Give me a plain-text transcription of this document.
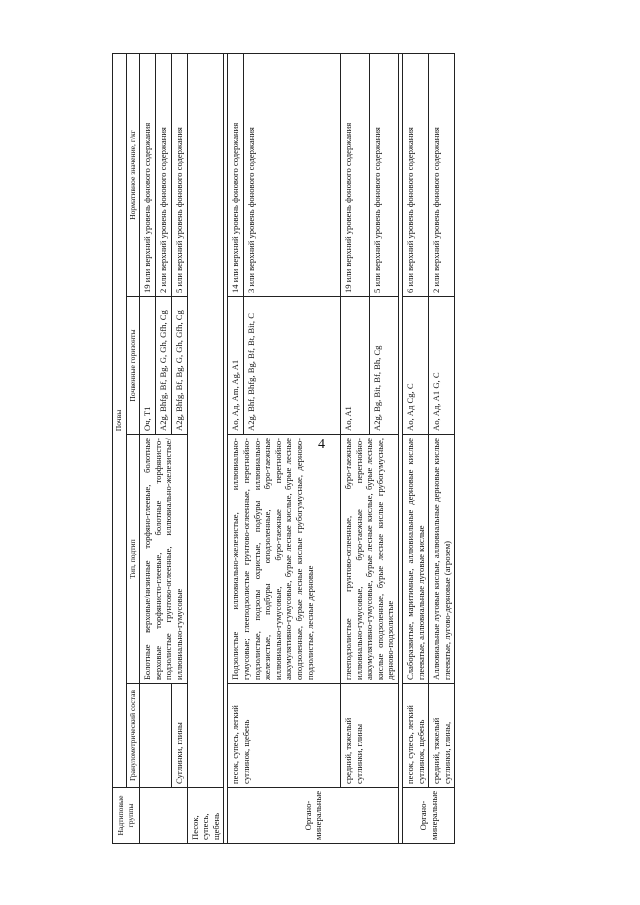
4
Надтиповые группы	Почвы			
	Гранулометрический состав	Тип, подтип	Почвенные горизонты	Нормативное значение, г/кг
		Болотные верховые/низинные торфяно-глеевые, болотные верховые торфянисто-глеевые, болотные торфянисто-подзолистые грунтово-оглеенные, иллювиально-железистые/иллювиально-гумусовые	Оч, Т1	19 или верхний уровень фонового содержания
			A2g, Bhfg, Bf, Bg, G, Gh, Gfh, Cg	2 или верхний уровень фонового содержания
	Суглинки, глины		A2g, Bhfg, Bf, Bg, G, Gh, Gfh, Cg	5 или верхний уровень фонового содержания
Песок, супесь, щебень				

Органо-минеральные	песок, супесь, легкий суглинок, щебень	Подзолистые иллювиально-железистые, иллювиально-гумусовые; глееподзолистые грунтово-оглеенные, перегнойно-подзолистые, подзолы охристые, подбуры иллювиально-железистые, подбуры оподзоленные, буро-таежные иллювиально-гумусовые, буро-таежные перегнойно-аккумулятивно-гумусовые, бурые лесные кислые, бурые лесные оподзоленные, бурые лесные кислые грубогумусные, дерново-подзолистые, лесные дерновые	Ao, Ад, Am, Ag, A1	14 или верхний уровень фонового содержания
			A2g, Bhf, Bhfg, Bg, Bf, Bt, Bit, C	3 или верхний уровень фонового содержания
	средний, тяжелый суглинки, глины	глееподзолистые грунтово-оглеенные, буро-таежные иллювиально-гумусовые, буро-таежные перегнойно-аккумулятивно-гумусовые, бурые лесные кислые, бурые лесные кислые оподзоленные, бурые лесные кислые грубогумусные, дерново-подзолистые	Ao, A1	19 или верхний уровень фонового содержания
			A2g, Bg, Bit, Bf, Bh, Cg	5 или верхний уровень фонового содержания

Органо-минеральные	песок, супесь, легкий суглинок, щебень	Слаборазвитые, маритимные, аллювиальные дерновые кислые глееватые, аллювиальные луговые кислые	Ao, Ад Cg, C	6 или верхний уровень фонового содержания
	средний, тяжелый суглинки, глины,	Аллювиальные луговые кислые, аллювиальные дерновые кислые глееватые, лугово-дерновые (агрозем)	Ao, Ад, A1 G, C	2 или верхний уровень фонового содержания
